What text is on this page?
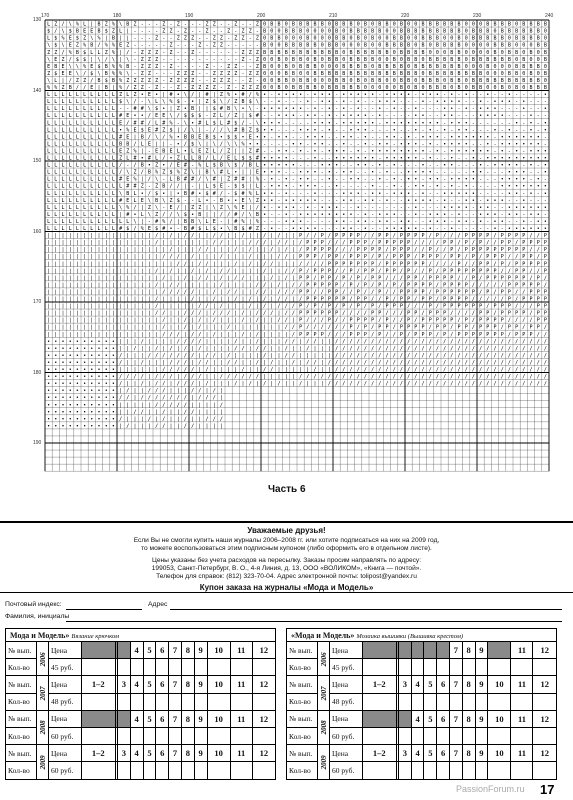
L Z / \ % L | B Z % \ B Z - - - Z - Z - - - Z Z - - Z - - Z 0 B B 0 B B B B B 0 B B B 0 B 0 B B 0 B 0 0 B B B B B B 0 0 0 B B B B 0 B B B B
$ / \ $ B E E B $ Z L | - - - - Z Z - Z - - Z - - Z - Z Z - B 0 0 B B B 0 0 0 0 B 0 B B B B B 0 0 B B B B B B B B B 0 B B B 0 B B B B B B 0
L $ % E $ Z \ % | B | | - - - Z - - Z Z Z - - Z Z - Z Z - Z 0 B B 0 0 0 B 0 0 0 B B 0 B 0 B 0 0 B B 0 0 B B B 0 0 B 0 B B B B B 0 B B B B 0
\ $ \ E Z % B / % % E Z - - - - - Z - - - Z - Z Z - - - - - B 0 0 B B B B B 0 B B 0 0 0 B 0 0 B B B B 0 B 0 B B B B 0 0 0 0 B B B 0 0 0 B B
Z Z / % B $ L L Z % | / - Z Z Z - Z - - Z - - - - - - Z Z Z B B B B B B B B B B B 0 B B B B B B 0 B B B B 0 0 0 B B 0 0 0 0 B 0 B B 0 B 0 B
\ E Z / $ $ | \ / \ | \ - Z Z Z - - - - - - - - - - - Z - Z 0 0 B 0 B B 0 B 0 B B 0 B B B B 0 0 B 0 B B 0 B B B B B 0 B B B B B B 0 B 0 0 B
E B E \ \ % E $ B % % B - Z Z Z - Z - - - - Z - - Z Z - - Z B 0 0 B 0 B B B 0 0 0 B B B B 0 B B B B 0 B B B B B B B 0 0 0 B 0 0 0 B B B B 0
Z $ E E \ / $ \ B % % \ - Z Z - - - Z Z Z - - Z Z Z Z - Z Z 0 0 0 B B 0 0 B B B B B B B B B B B B B B B 0 B B B B B B B B 0 0 0 B B 0 B 0 B
\ L | / Z Z / B $ B % Z Z Z Z Z - Z Z Z Z - - Z Z Z - - Z - 0 0 B B 0 B B 0 0 0 B B 0 B 0 B B 0 0 B B 0 B B B 0 B B 0 B B B B B B B B B B 0
% % Z B / / E | B | % / Z Z - Z - - Z - Z Z Z Z - Z - Z Z Z 0 0 B 0 B B B B 0 B B B B B 0 0 0 0 0 B 0 B 0 B B B 0 B 0 B B 0 0 B 0 B 0 B B B
L L L L L L L L L L Z L Z • E • | # • \ / | # | Z % • # / % • - • • • • - • • • - • • • • • - • • • • - • • • - • - • - - • - - • - - - - •
L L L L L L L L L L $ \ / - \ L \ % $ - • | Z $ \ / Z B $ \ - - • - - - • - • • - • - • - - • • • - - - • - • • • • - - • - • • • - • - - -
L L L L L L L L L L - - # # \ $ • | Z • B | | $ # B \ • \ - • • • • • • - • - • - • - • - - • - • - - • - - - • • - • - • • • - - - • - - •
L L L L L L L L L L # E • • / E E \ / $ $ $ - Z L / Z | $ # - - • • • - • • - • - • • • • - • - - - - • • - - • • - - - • • • • - - - • - -
L L L L L L L L L L E / # # / L # % - \ • # L $ L # $ / - \ • • • - - - - • • • - • • • • • - • • • • • • • • - • • • - - - - - - • - • - •
L L L L L L L L L L • % E $ E # Z $ | / \ | - / / \ # B Z $ • • - - - • • • - • - - • • • - - - • - - • - • - • - • • - - - • - • - - • - •
L L L L L L L L L L # E | B / \ / % • B B E B $ • $ $ • E • • - • • - - • • • - - • • - • - - • • - • - • • • - • • • • • • - • • • • • • -
L L L L L L L L L L B B / L E | | - • / $ \ | \ / \ \ % • • - - - - • • - • • - - • - - • - • • - • • • - • - • • • • - - • - • • • • • • -
L L L L L L L L L L E Z % | - E B E L • L E Z L / Z | | Z # - - • • - • - • - • • • - • - • • • • • • • • - • - • • • • • • - • - • - • • •
L L L L L L L L L L Z L # • # L / • Z L L B / L / E L $ $ # • • • • - - - • - - • • • • • • - • • • • • - • - - • - - • - • • • • • • • • •
L L L L L L L L L L / - / B • Z • / E # - % L $ B \ $ / B L • • • • • - - - • • • - - • • - • - • - - - • - - • • - - - • - • • • • - • - •
L L L L L L L L L L / \ Z / B % Z $ % Z \ | B \ # L • | | E • • • - - • • • - • - • • - - • - • - - • • • • - - - - - • • - - - • • • - - •
L L L L L L L L L L # E % | / \ - L B # # / \ # | Z # # | % - • - • - • • - - • - - • • - - • - • - • • - • • - • • • • - - - • • • • - • -
L L L L L L L L L L L # # Z - Z B / / | - | L $ E - $ $ | L - • • • - • • • - - • - - - - • - - • - - • • - • - • - • - - - - • • • • • • •
L L L L L L L L L L \ B L • / $ • | • B # • $ # / - $ # % L • • - • - - - • - - - • • • - • • - • • • - • - - • • • • • - - - - • • - • - •
L L L L L L L L L L # E L E \ B \ Z $ - - L • - B • • E \ Z • • - • • • • • - - - • • - • • - • - - • • • • - • - - • • - • • • - - • - - -
L L L L L L L L L L \ % / | Z \ - E / | Z Z | \ Z \ % E | / • - • • • - • - • • • - - • - - - - - - - • - - - • • • • - • • - - • • • • • •
L L L L L L L L L L | # • L \ Z / / \ $ • B | | / / # / \ B • - - • - • • • • • • • • - • - • • • - - • - • • • - • - - • • • - • • - • • -
L L L L L L L L L L L L \ | - # % / | B B \ L E - | # % | % - - - • • • - - - - • • - • • - • • - • • - - • • • - • • - • - • • - - • - • •
L L L L L L L L L L # $ / % E $ # • - B # $ L $ • \ B $ # Z - • - - • • • • - - - • • - • - - • • • • • - • - - • - - - - - • - • • • • • •
| | | | | | | | | | | | | | | / | / | / / | | / / | | / | | / | / | | P / / P / P P P P / / P P / P P P P / P / / / P P P P / P P P P / / P
| | | | | | | | | | | | | | | / | | | | | | | / / | | | / / / | / / | / P P P / / / P P P / P P P P P / / / / P P / P / P / / P P / P P P P
| | | | | | | | | | | | | | | | | / | | | / / | | | / | / | | / | / | / P P P P / / / P P P P / P P P / / P / / P / P P P P P P P P P / / P
| | | | | | | | | | | | | | | | / / / | / | | | / | | | / | | | / / | P P P / P P / P P P / P / P P P / P P P / P P / P / P P P / / P P / P
| | | | | | | | | | | | | | | | | | / / | / / | | | / | / | / / | | | / / / / P P P P P P P / P P P P P P / / / / P / / P P / P / P P P P P
| | | | | | | | | | | | | | | / | / | | / | / | / / | | | | / | | / / P / P P P / / P / P P / P P / P / / P / P P P P P P P P / / P P / / P
| | | | | | | | | | | | | | | | / | | / | / / | / | / / | | | / | / | P P / P P / P / P / P P / / / P P / P P P P / / P / P P P P P P / P /
| | | | | | | | | | | | | | | / | / / | | | | | / | | | | / / | / | / / P P P P P / P / P / P / P / P P P P / P P P P / / / / / P P P P P /
| | | | | | | | | | | | | | | | / / / / / | | / | / / | | / / | / / / P P / / P P / / P / / P / / P P P P / P P P P P P / P / P P / / P P P
| | | | | | | | | | | | | | | / | | | | / | | / | | / | / | / | / / | / P P P P P P / P P / / P / P P / P P / P P P P / / / / / P / P P P P
| | | | | | | | | | | | | | | / | | | | | / / | / | | | / | / | / / / P / P / P / P / P / P / P P P / / / P / P P P P P P / P P P / / / P P
| | | | | | | | | | | | | | | / / | | / / / | / / / | / | / / / | / / P P P P P P / / / / P P / / / P P / P P P / / / / P P / P P P P / P P
| | | | | | | | | | | | | | | | / | | / | / | / | | | / | / | | / / | P / / / P / / P P P P / P / / P / P P P P P / P / P P P P / / / / P P
| | | | | | | | | | | | | | | | / | | / | / | | | / | | | | | | | / / P / / / / / / P / P / P P / P P P P / P P / P P / P P P / P P / P P /
| | | | | | | | | | | | | | | | / / / | / / | / | | | / | / | | | | / P P P P / / / P P P / P / / P / P P P / P / P P P P P P P / P P P / /
• • • • • • • • • • | | | / | | | | / / / / | | | | / | | / | | | / / | / / | | / / / / / / / / / / / / / / / / / / / / / / / / / / / / / /
• • • • • • • • • • | | / | | / | / | / | / | | | | / / | / / | | / | | / | | | / / / / / / / / / / / / / / / / / / / / / / / / / / / / / /
• • • • • • • • • • / | | | / / / / / / / | / / | / | | | | / | | / / | | | | | / / / / / / / / / / / / / / / / / / / / / / / / / / / / / /
• • • • • • • • • • / | | / | | | / / / | / / | | / / | | / | / | | / | / / | / / / / / / / / / / / / / / / / / / / / / / / / / / / / / / /
• • • • • • • • • • | | | | | | / / / / / | / | | | | / | | / / | | | | | / | | / / / / / / / / / / / / / / / / / / / / / / / / / / / / / /
• • • • • • • • • • / / / / | / / / | / / / | | / / / / / / | | | | | / / / / / / / / / / / / / / / / / / / / / / / / / / / / / / / / / / /
• • • • • • • • • • / | | / | / / | / / / | / | | | / | / | / | / | | / | | | / / / / / / / / / / / / / / / / / / / / / / / / / / / / / / /
• • • • • • • • • • | / | | / / / | | | / / | / |
• • • • • • • • • • / / | / / / / / / / | / / / |
• • • • • • • • • • | | | | | / / / / / | | | | /
• • • • • • • • • • | | / / | | / | | / / | | | |
• • • • • • • • • • / | | | / | / | | / | | / / /
• • • • • • • • • • | / | | | / / | | / / | | | |
170	180	190	200	210	220	230	240
130
140
150
160
170
180
190
Часть 6
Уважаемые друзья!
Если Вы не смогли купить наши журналы 2006–2008 гг. или хотите подписаться на них на 2009 год,
то можете воспользоваться этим подписным купоном (либо оформить его в отдельном листе).
Цены указаны без учета расходов на пересылку. Заказы просим направлять по адресу:
199053, Санкт-Петербург, В. О., 4-я Линия, д. 13, ООО «ВОЛИКОМ», «Книга — почтой».
Телефон для справок: (812) 323-70-04. Адрес электронной почты: tolipost@yandex.ru
Купон заказа на журналы «Мода и Модель»
Почтовый индекс:	Адрес
Фамилия, инициалы
Мода и Модель» Вязание крючком														
№ вып.	2006	Цена				4	5	6	7	8	9	10	11	12
Кол-во		45 руб.												
№ вып.	2007	Цена	1–2		3	4	5	6	7	8	9	10	11	12
Кол-во		48 руб.												
№ вып.	2008	Цена				4	5	6	7	8	9	10	11	12
Кол-во		60 руб.												
№ вып.	2009	Цена	1–2		3	4	5	6	7	8	9	10	11	12
Кол-во		60 руб.												
«Мода и Модель» Мозаика вышивки (Вышивка крестом)														
№ вып.	2006	Цена							7	8	9		11	12
Кол-во		45 руб.												
№ вып.	2007	Цена	1–2		3	4	5	6	7	8	9	10	11	12
Кол-во		48 руб.												
№ вып.	2008	Цена				4	5	6	7	8	9	10	11	12
Кол-во		60 руб.												
№ вып.	2009	Цена	1–2		3	4	5	6	7	8	9	10	11	12
Кол-во		60 руб.												
PassionForum.ru 17
